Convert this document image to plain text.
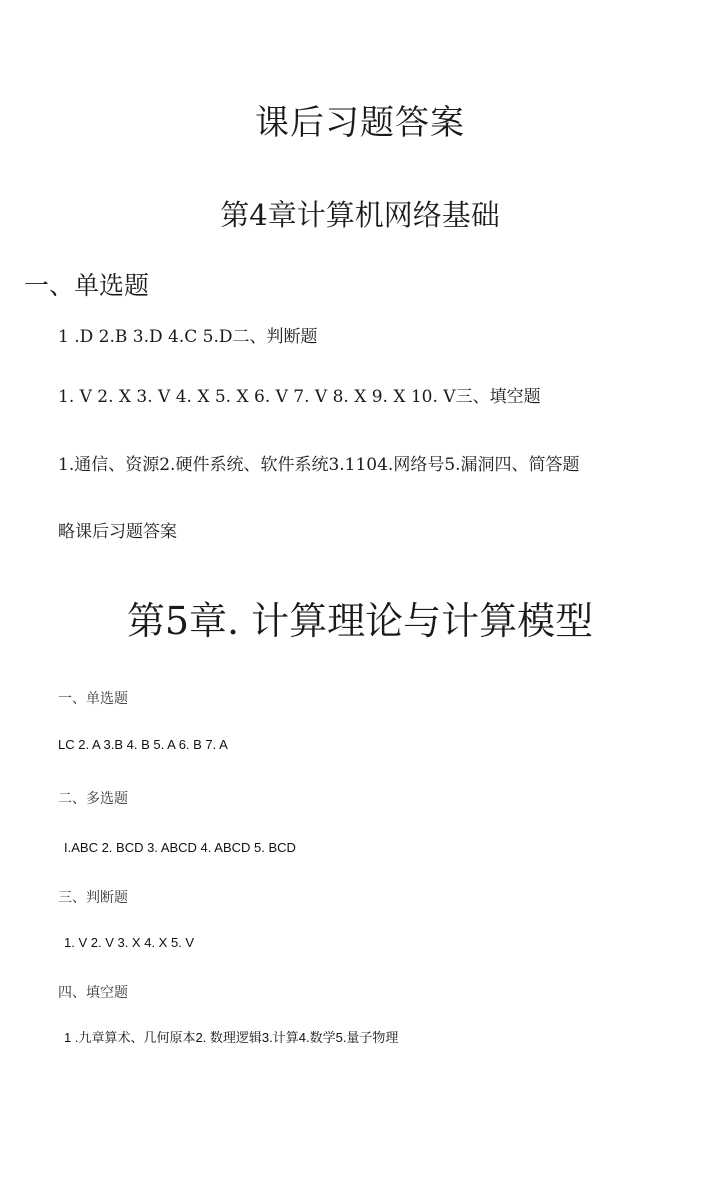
课后习题答案
第4章计算机网络基础
一、单选题
1 .D 2.B 3.D 4.C 5.D二、判断题
1. V 2. X 3. V 4. X 5. X 6. V 7. V 8. X 9. X 10. V三、填空题
1.通信、资源2.硬件系统、软件系统3.1104.网络号5.漏洞四、简答题
略课后习题答案
第5章. 计算理论与计算模型
一、单选题
LC 2. A 3.B 4. B 5. A 6. B 7. A
二、多选题
I.ABC 2. BCD 3. ABCD 4. ABCD 5. BCD
三、判断题
1. V 2. V 3. X 4. X 5. V
四、填空题
1 .九章算术、几何原本2. 数理逻辑3.计算4.数学5.量子物理
